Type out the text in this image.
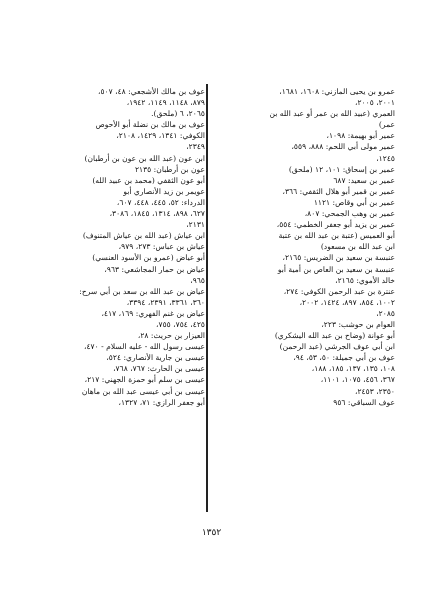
عمرو بن يحيى المازني: ١٦٠٨، ١٦٨١،
٢٠٠١، ٢٠٠٥،
العمري (عبيد الله بن عمر أو عبد الله بن
عمر)
عمير أبو بهيمة: ١٠٩٨،
عمير مولى أبي اللحم: ٨٨٨، ٥٥٩،
١٢٤٥،
عمير بن إسحاق: ١٠١، ١٢ (ملحق)
عمير بن سعيد: ٦٨٧
عمير بن قمير أبو هلال الثقفي: ٣٦٦،
عمير بن أبي وقاص: ١١٢١
عمير بن وهب الجمحي: ٨٠٧،
عمير بن يزيد أبو جعفر الخطمي: ٥٥٤،
أبو العميس (عتبة بن عبد الله بن عتبة
ابن عبد الله بن مسعود)
عنبسة بن سعيد بن الضريس: ٢١٦٥،
عنبسة بن سعيد بن العاص بن أمية أبو
خالد الأموي: ٢١٦٥،
عنترة بن عبد الرحمن الكوفي: ٢٧٤،
١٠٠٢، ٨٥٤، ٨٩٧، ١٤٢٤، ٢٠٠٢،
٢٠٨٥،
العوام بن حوشب: ٢٢٣،
أبو عوانة (وضاح بن عبد الله اليشكري)
ابن أبي عوف الجرشي (عبد الرحمن)
عوف بن أبي جميلة: ٥٠، ٥٣، ٩٤،
١٠٨، ١٣٥، ١٣٧، ١٨٥، ١٨٨،
٣٦٧، ٤٥٦، ١٠٧٥، ١١٠١،
٢٣٥٠، ٢٤٥٣،
عوف السباقي: ٩٥٦
عوف بن مالك الأشجعي: ٤٨، ٥٠٧،
٨٧٩، ١١٤٨، ١١٤٩، ١٩٤٢،
٢٠٦٥، ٦ (ملحق).
عوف بن مالك بن نضلة أبو الأحوص
الكوفي: ١٣٤١، ١٤٢٩، ٢١٠٨،
٢٣٤٩،
ابن عون (عبد الله بن عون بن أرطبان)
عون بن أرطبان: ٢١٣٥
أبو عون الثقفي (محمد بن عبيد الله)
عويمر بن زيد الأنصاري أبو
الدرداء: ٥٢، ٤٤٥، ٤٤٨، ٦٠٧،
٦٢٧، ٨٩٨، ١٣١٤، ١٨٤٥، ٣٠٨٦،
٢١٣١،
ابن عياش (عبد الله بن عياش المتنوف)
عياش بن عباس: ٢٧٣، ٩٧٩،
أبو عياض (عمرو بن الأسود العنسي)
عياض بن حمار المجاشعي: ٩٦٣،
٩٦٥،
عياض بن عبد الله بن سعد بن أبي سرح:
٣٦٠، ٣٣٦١، ٢٣٩١، ٣٣٩٤،
عياض بن غنم الفهري: ١٦٩، ٤١٧،
٤٢٥، ٧٥٤، ٧٥٥،
العيزار بن حريث: ٢٨،
عيسى رسول الله - عليه السلام - ٤٧٠،
عيسى بن جارية الأنصاري: ٥٢٤،
عيسى بن الحارث: ٧٦٧، ٧٦٨،
عيسى بن سلم أبو حمزة الجهني: ٢١٧،
عيسى بن أبي عيسى عبد الله بن ماهان
أبو جعفر الرازي: ٧١، ١٣٢٧،
١٣٥٢
